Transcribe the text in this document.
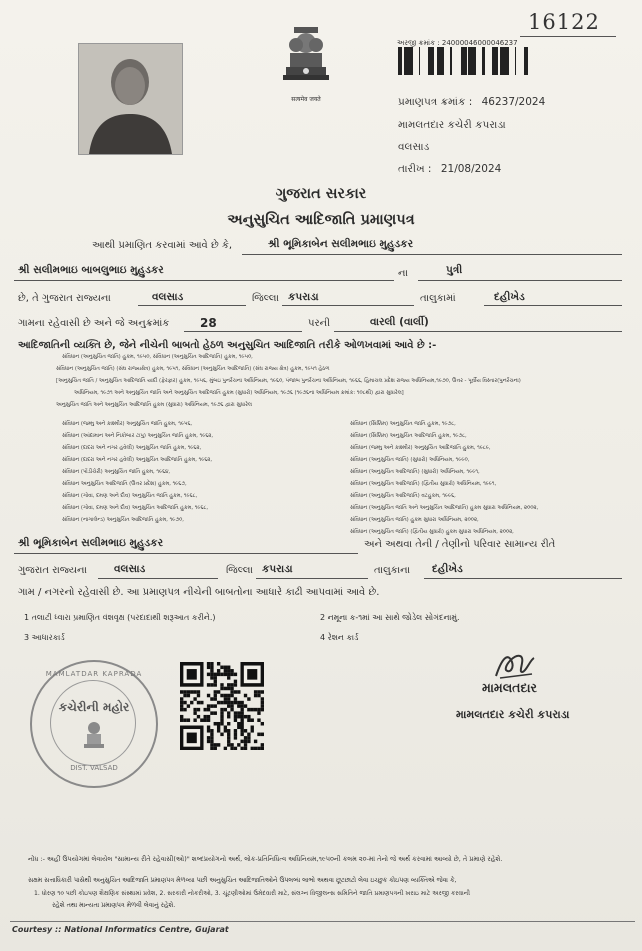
16122
सत्यमेव जयते
અરજી ક્રમાંક : 24000046000046237
પ્રમાણપત્ર ક્રમાંક : 46237/2024
મામલતદાર કચેરી કપરાડા
વલસાડ
તારીખ : 21/08/2024
ગુજરાત સરકાર
અનુસુચિત આદિજાતિ પ્રમાણપત્ર
આથી પ્રમાણિત કરવામાં આવે છે કે,	શ્રી ભૂમિકાબેન સલીમભાઇ મુહુડકર
શ્રી સલીમભાઇ બાબલુભાઇ મુહુડકર	ના	પુત્રી
છે, તે ગુજરાત રાજ્યના	વલસાડ	જિલ્લા કપરાડા	તાલુકામાં	દહીખેડ
ગામના રહેવાસી છે અને જે અનુક્રમાંક	28	પરની	વારલી (વાર્લી)
આદિજાતિની વ્યક્તિ છે, જેને નીચેની બાબતો હેઠળ અનુસુચિત આદિજાતિ તરીકે ઓળખવામાં આવે છે :-
સંવિધાન (અનુસુચિત જાતિ) હુકમ, ૧૯૫૦, સંવિધાન (અનુસુચિત આદિજાતિ) હુકમ, ૧૯૫૦,
સંવિધાન (અનુસુચિત જાતિ) (સંઘ રાજ્યક્ષેત્ર) હુકમ, ૧૯૫૧, સંવિધાન (અનુસુચિત આદિજાતિ) (સંઘ રાજ્ય ક્ષેત્ર) હુકમ, ૧૯૫૧ હેઠળ
[અનુસુચિત જાતિ / અનુસુચિત આદિજાતિ યાદી (ફેરફાર) હુકમ, ૧૯૫૬, મુંબઇ પુનર્રચના અધિનિયમ, ૧૯૬૦, પંજાબ પુનર્રચના અધિનિયમ, ૧૯૬૬, હિમાચલ પ્રદેશ રાજ્ય અધિનિયમ,૧૯૭૦, ઉત્તર - પૂર્વીય વિસ્તાર(પુનર્રચના)
અધિનિયમ, ૧૯૭૧ અને અનુસુચિત જાતિ અને અનુસુચિત આદિજાતિ હુકમ (સુધારો) અધિનિયમ, ૧૯૭૬ (૧૯૭૬ના અધિનિયમ ક્રમાંક: ૧૦૮થી) દ્વારા સુધારેલ]
અનુસુચિત જાતિ અને અનુસુચિત આદિજાતિ હુકમ (સુધારા) અધિનિયમ, ૧૯૭૬ દ્વારા સુધારેલ
સંવિધાન (જમ્મુ અને કાશ્મીર) અનુસુચિત જાતિ હુકમ, ૧૯૫૬,
સંવિધાન (આંદામાન અને નિકોબાર ટાપુ) અનુસુચિત જાતિ હુકમ, ૧૯૬૨,
સંવિધાન (દાદરા અને નગર હવેલી) અનુસુચિત જાતિ હુકમ, ૧૯૬૨,
સંવિધાન (દાદરા અને નગર હવેલી) અનુસુચિત આદિજાતિ હુકમ, ૧૯૬૨,
સંવિધાન (પોંડીચેરી) અનુસુચિત જાતિ હુકમ, ૧૯૬૪,
સંવિધાન અનુસુચિત આદિજાતિ (ઉત્તર પ્રદેશ) હુકમ, ૧૯૬૭,
સંવિધાન (ગોવા, દમણ અને દીવ) અનુસુચિત જાતિ હુકમ, ૧૯૬૮,
સંવિધાન (ગોવા, દમણ અને દીવ) અનુસુચિત આદિજાતિ હુકમ, ૧૯૬૮,
સંવિધાન (નાગાલેન્ડ) અનુસુચિત આદિજાતિ હુકમ, ૧૯૭૦,
સંવિધાન (સિક્કિમ) અનુસુચિત જાતિ હુકમ, ૧૯૭૮,
સંવિધાન (સિક્કિમ) અનુસુચિત આદિજાતિ હુકમ, ૧૯૭૮,
સંવિધાન (જમ્મુ અને કાશ્મીર) અનુસુચિત આદિજાતિ હુકમ, ૧૯૮૯,
સંવિધાન (અનુસુચિત જાતિ) (સુધારો) અધિનિયમ, ૧૯૯૦,
સંવિધાન (અનુસુચિત આદિજાતિ) (સુધારો) અધિનિયમ, ૧૯૯૧,
સંવિધાન (અનુસુચિત આદિજાતિ) (દ્વિતીય સુધારો) અધિનિયમ, ૧૯૯૧,
સંવિધાન (અનુસુચિત આદિજાતિ) વટહુકમ, ૧૯૯૬,
સંવિધાન (અનુસુચિત જાતિ અને અનુસુચિત આદિજાતિ) હુકમ સુધારા અધિનિયમ, ૨૦૦૨,
સંવિધાન (અનુસુચિત જાતિ) હુકમ સુધારા અધિનિયમ, ૨૦૦૨,
સંવિધાન (અનુસુચિત જાતિ) (દ્વિતીય સુધારો) હુકમ સુધારા અધિનિયમ, ૨૦૦૨,
શ્રી ભૂમિકાબેન સલીમભાઇ મુહુડકર	અને અથવા તેની / તેણીનો પરિવાર સામાન્ય રીતે
ગુજરાત રાજ્યના	વલસાડ	જિલ્લા કપરાડા	તાલુકાના દહીખેડ
ગામ / નગરનો રહેવાસી છે. આ પ્રમાણપત્ર નીચેની બાબતોના આધારે કાઢી આપવામાં આવે છે.
1 તલાટી ધ્વારા પ્રમાણિત વંશવૃક્ષ (પરદાદાથી શરૂઆત કરીને.)	2 નમૂના ક-૧માં આ સાથે જોડેલ સોગંદનામું.
3 આધારકાર્ડ	4 રેશન કાર્ડ
MAMLATDAR KAPRADA
કચેરીની મહોર
DIST. VALSAD
મામલતદાર
મામલતદાર કચેરી કપરાડા
નોંધ :- અહીં ઉપયોગમાં લેવાયેલ "સામાન્ય રીતે રહેવાસી(ઓ)" શબ્દપ્રયોગનો અર્થ, લોક-પ્રતિનિધિત્વ અધિનિયમ,૧૯૫૦ની કલમ ૨૦-માં તેનો જે અર્થ કરવામાં આવ્યો છે, તે પ્રમાણે રહેશે.
સક્ષમ સત્તાધિકારી પાસેથી અનુસુચિત આદિજાતિ પ્રમાણપત્ર મેળવ્યા પછી અનુસુચિત આદિજાતિઓને ઉપલબ્ધ લાભો અથવા છૂટછાટો લેવા ઇચ્છુક કોઇપણ વ્યક્તિએ જેવા કે,
1. ધોરણ ૧૦ પછી કોઇપણ શૈક્ષણિક સંસ્થામાં પ્રવેશ, 2. સરકારી નોકરીઓ, 3. ચૂંટણીઓમાં ઉમેદવારી માટે, સંલગ્ન વિજીલન્સ સમિતિને જાતિ પ્રમાણપત્રની ખરાઇ માટે અરજી કરવાની
રહેશે તથા માન્યતા પ્રમાણપત્ર મેળવી લેવાનું રહેશે.
Courtesy :: National Informatics Centre, Gujarat
